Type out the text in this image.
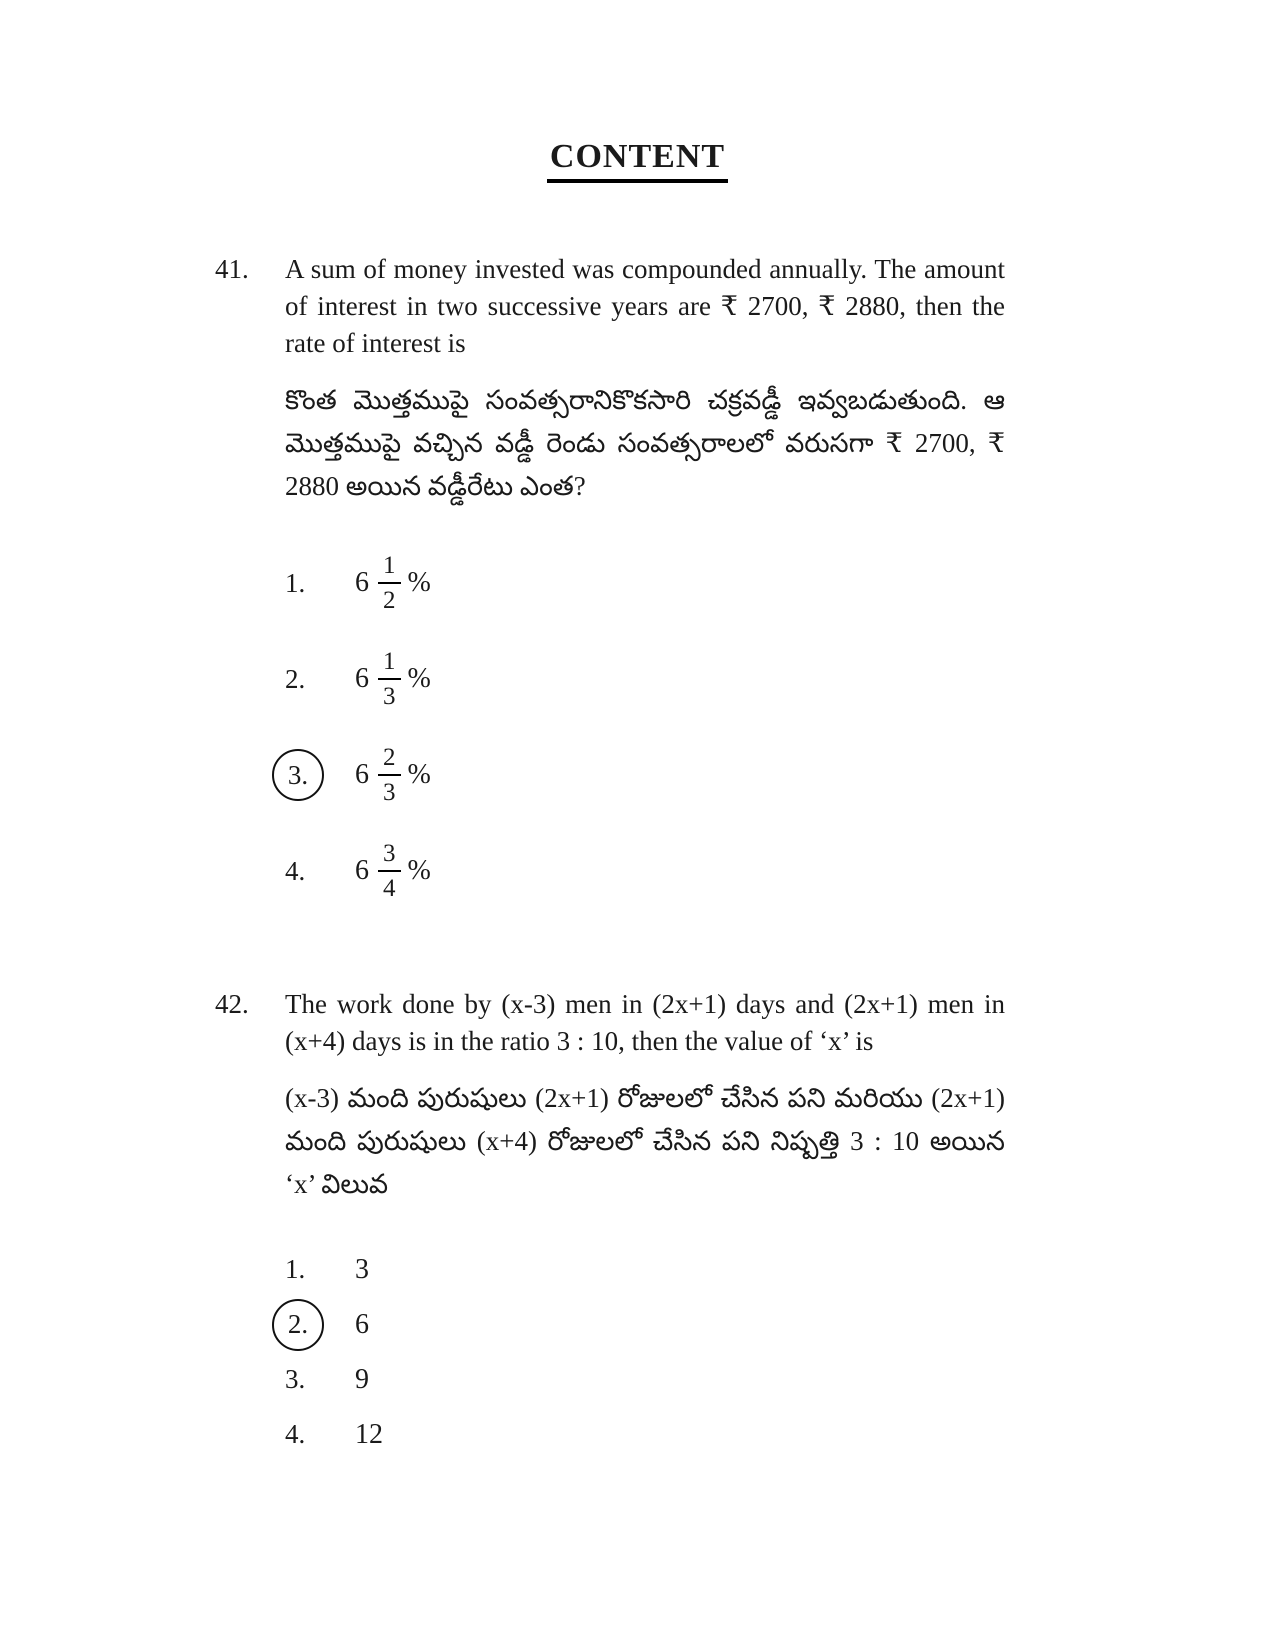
CONTENT
41.	A sum of money invested was compounded annually. The amount of interest in two successive years are ₹ 2700, ₹ 2880, then the rate of interest is
కొంత మొత్తముపై సంవత్సరానికొకసారి చక్రవడ్డీ ఇవ్వబడుతుంది. ఆ మొత్తముపై వచ్చిన వడ్డీ రెండు సంవత్సరాలలో వరుసగా ₹ 2700, ₹ 2880 అయిన వడ్డీరేటు ఎంత?
1. $6 \frac{1}{2}$ %
2. $6 \frac{1}{3}$ %
3.	$6 \frac{2}{3}$ %
4. $6 \frac{3}{4}$ %
42.	The work done by (x-3) men in (2x+1) days and (2x+1) men in (x+4) days is in the ratio 3 : 10, then the value of ‘x’ is
(x-3) మంది పురుషులు (2x+1) రోజులలో చేసిన పని మరియు (2x+1) మంది పురుషులు (x+4) రోజులలో చేసిన పని నిష్పత్తి 3 : 10 అయిన ‘x’ విలువ
1. 3
2.	6
3. 9
4. 12
